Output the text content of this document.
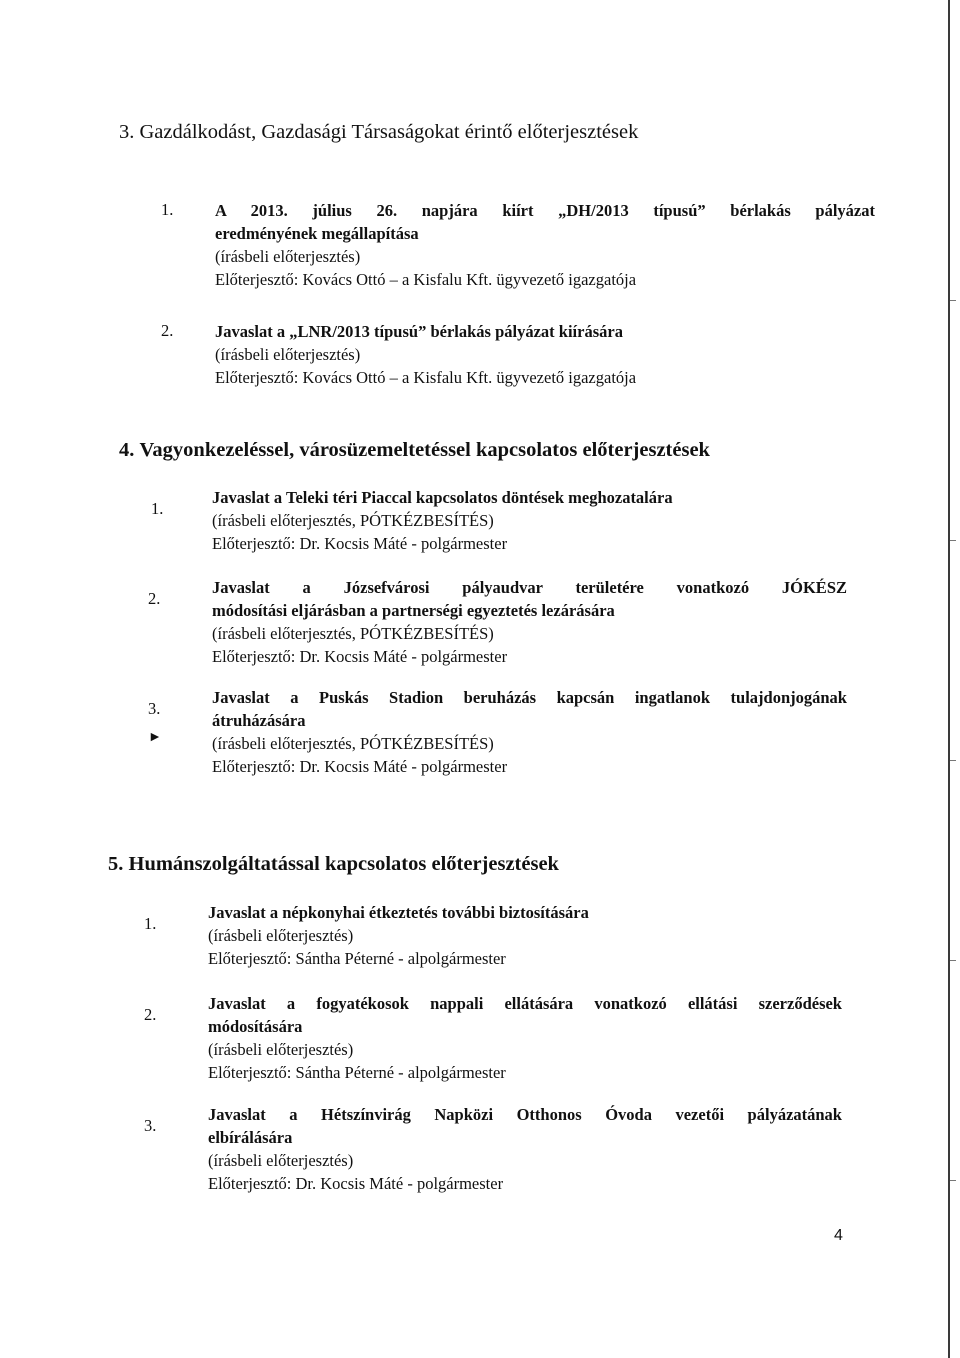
3. Gazdálkodást, Gazdasági Társaságokat érintő előterjesztések
1.	A 2013. július 26. napjára kiírt „DH/2013 típusú” bérlakás pályázat
eredményének megállapítása
(írásbeli előterjesztés)
Előterjesztő: Kovács Ottó – a Kisfalu Kft. ügyvezető igazgatója
2.	Javaslat a „LNR/2013 típusú” bérlakás pályázat kiírására
(írásbeli előterjesztés)
Előterjesztő: Kovács Ottó – a Kisfalu Kft. ügyvezető igazgatója
4. Vagyonkezeléssel, városüzemeltetéssel kapcsolatos előterjesztések
1.
Javaslat a Teleki téri Piaccal kapcsolatos döntések meghozatalára
(írásbeli előterjesztés, PÓTKÉZBESÍTÉS)
Előterjesztő: Dr. Kocsis Máté - polgármester
2.
Javaslat a Józsefvárosi pályaudvar területére vonatkozó JÓKÉSZ
módosítási eljárásban a partnerségi egyeztetés lezárására
(írásbeli előterjesztés, PÓTKÉZBESÍTÉS)
Előterjesztő: Dr. Kocsis Máté - polgármester
3.
►
Javaslat a Puskás Stadion beruházás kapcsán ingatlanok tulajdonjogának
átruházására
(írásbeli előterjesztés, PÓTKÉZBESÍTÉS)
Előterjesztő: Dr. Kocsis Máté - polgármester
5. Humánszolgáltatással kapcsolatos előterjesztések
1.
Javaslat a népkonyhai étkeztetés további biztosítására
(írásbeli előterjesztés)
Előterjesztő: Sántha Péterné - alpolgármester
2.
Javaslat a fogyatékosok nappali ellátására vonatkozó ellátási szerződések
módosítására
(írásbeli előterjesztés)
Előterjesztő: Sántha Péterné - alpolgármester
3.
Javaslat a Hétszínvirág Napközi Otthonos Óvoda vezetői pályázatának
elbírálására
(írásbeli előterjesztés)
Előterjesztő: Dr. Kocsis Máté - polgármester
4
